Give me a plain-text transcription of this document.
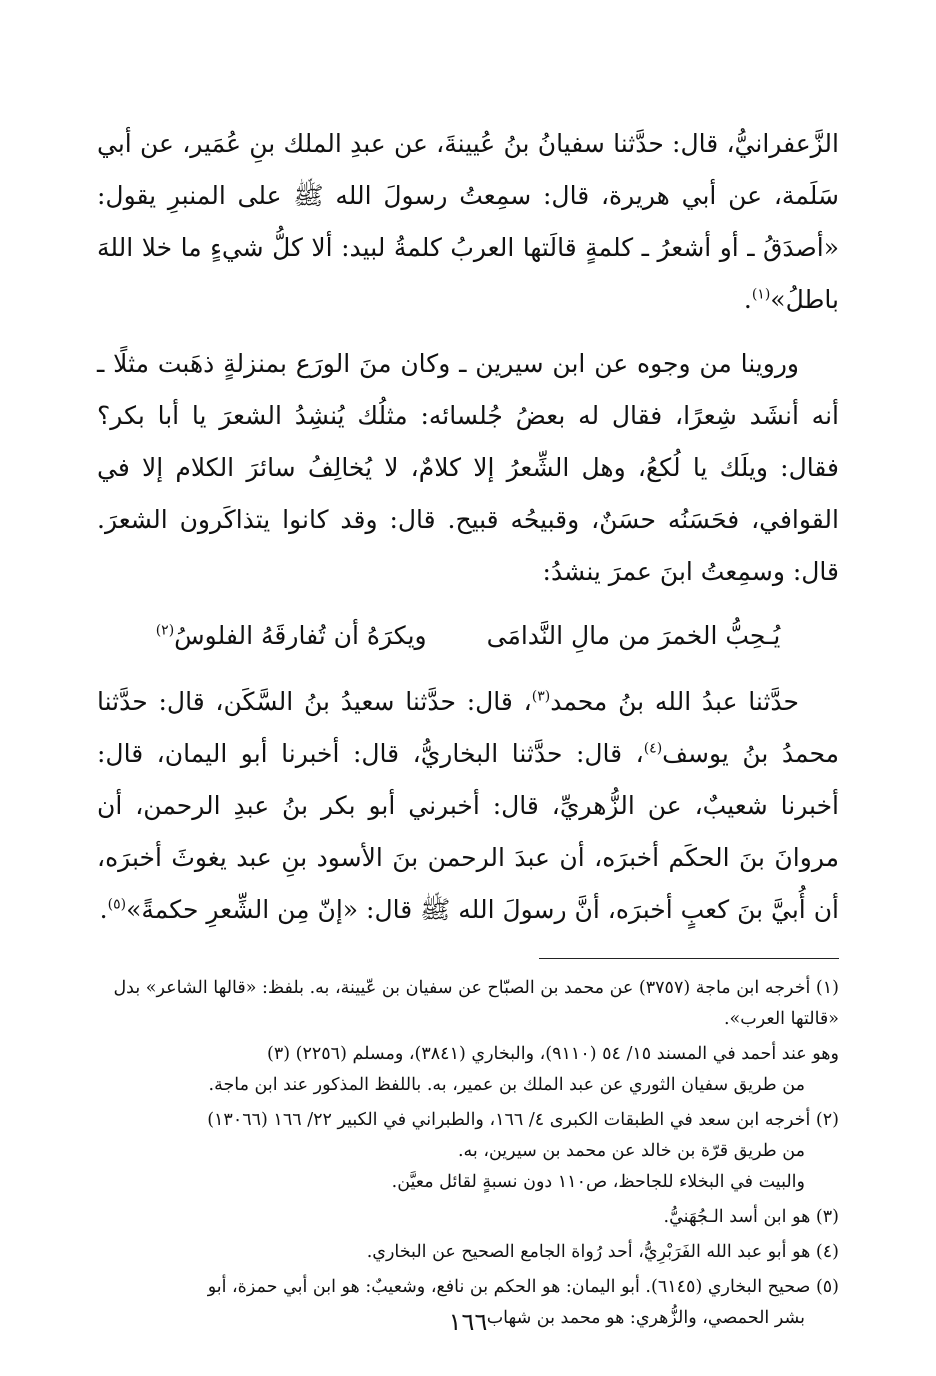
الزَّعفرانيُّ، قال: حدَّثنا سفيانُ بنُ عُيينةَ، عن عبدِ الملك بنِ عُمَير، عن أبي سَلَمة، عن أبي هريرة، قال: سمِعتُ رسولَ الله ﷺ على المنبرِ يقول: «أصدَقُ ـ أو أشعرُ ـ كلمةٍ قالَتها العربُ كلمةُ لبيد: ألا كلُّ شيءٍ ما خلا اللهَ باطلُ»$^{(١)}$.

وروينا من وجوه عن ابن سيرين ـ وكان منَ الورَع بمنزلةٍ ذهَبت مثلًا ـ أنه أنشَد شِعرًا، فقال له بعضُ جُلسائه: مثلُك يُنشِدُ الشعرَ يا أبا بكر؟ فقال: ويلَك يا لُكعُ، وهل الشِّعرُ إلا كلامٌ، لا يُخالِفُ سائرَ الكلام إلا في القوافي، فحَسَنُه حسَنٌ، وقبيحُه قبيح. قال: وقد كانوا يتذاكَرون الشعرَ. قال: وسمِعتُ ابنَ عمرَ ينشدُ:

يُـحِبُّ الخمرَ من مالِ النَّدامَى
ويكرَهُ أن تُفارقَهُ الفلوسُ$^{(٢)}$

حدَّثنا عبدُ الله بنُ محمد$^{(٣)}$، قال: حدَّثنا سعيدُ بنُ السَّكَن، قال: حدَّثنا محمدُ بنُ يوسف$^{(٤)}$، قال: حدَّثنا البخاريُّ، قال: أخبرنا أبو اليمان، قال: أخبرنا شعيبٌ، عن الزُّهريِّ، قال: أخبرني أبو بكر بنُ عبدِ الرحمن، أن مروانَ بنَ الحكَم أخبرَه، أن عبدَ الرحمن بنَ الأسود بنِ عبد يغوثَ أخبرَه، أن أُبيَّ بنَ كعبٍ أخبرَه، أنَّ رسولَ الله ﷺ قال: «إنّ مِن الشِّعرِ حكمةً»$^{(٥)}$.

(١) أخرجه ابن ماجة (٣٧٥٧) عن محمد بن الصبّاح عن سفيان بن عّيينة، به. بلفظ: «قالها الشاعر» بدل «قالتها العرب».
وهو عند أحمد في المسند ١٥/ ٥٤ (٩١١٠)، والبخاري (٣٨٤١)، ومسلم (٢٢٥٦) (٣)
من طريق سفيان الثوري عن عبد الملك بن عمير، به. باللفظ المذكور عند ابن ماجة.
(٢) أخرجه ابن سعد في الطبقات الكبرى ٤/ ١٦٦، والطبراني في الكبير ٢٢/ ١٦٦ (١٣٠٦٦)
من طريق قرّة بن خالد عن محمد بن سيرين، به.
والبيت في البخلاء للجاحظ، ص١١٠ دون نسبةٍ لقائل معيَّن.
(٣) هو ابن أسد الـجُهَنيُّ.
(٤) هو أبو عبد الله الفَرَبْرِيُّ، أحد رُواة الجامع الصحيح عن البخاري.
(٥) صحيح البخاري (٦١٤٥). أبو اليمان: هو الحكم بن نافع، وشعيبٌ: هو ابن أبي حمزة، أبو
بشر الحمصي، والزُّهري: هو محمد بن شهاب.
١٦٦
